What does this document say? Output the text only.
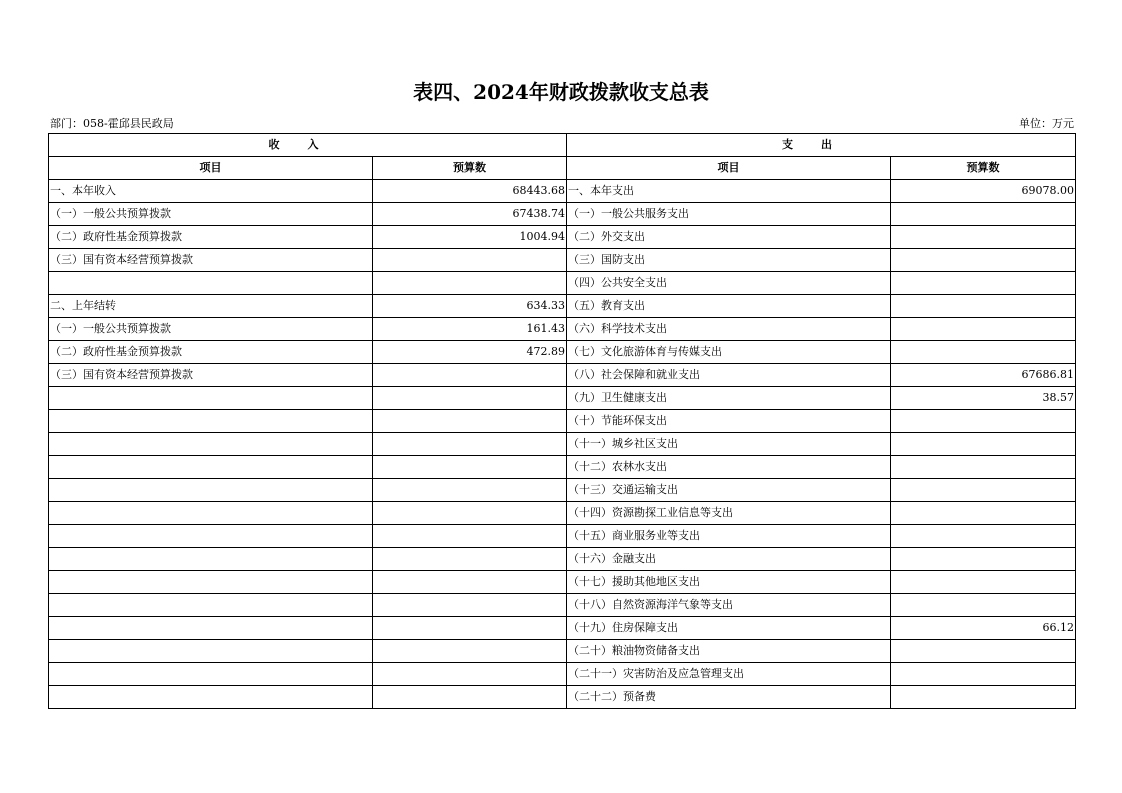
表四、2024年财政拨款收支总表
部门：058-霍邱县民政局	单位：万元
收入		支出	
项目	预算数	项目	预算数
一、本年收入	68443.68	一、本年支出	69078.00
（一）一般公共预算拨款	67438.74	（一）一般公共服务支出	
（二）政府性基金预算拨款	1004.94	（二）外交支出	
（三）国有资本经营预算拨款		（三）国防支出	
		（四）公共安全支出	
二、上年结转	634.33	（五）教育支出	
（一）一般公共预算拨款	161.43	（六）科学技术支出	
（二）政府性基金预算拨款	472.89	（七）文化旅游体育与传媒支出	
（三）国有资本经营预算拨款		（八）社会保障和就业支出	67686.81
		（九）卫生健康支出	38.57
		（十）节能环保支出	
		（十一）城乡社区支出	
		（十二）农林水支出	
		（十三）交通运输支出	
		（十四）资源勘探工业信息等支出	
		（十五）商业服务业等支出	
		（十六）金融支出	
		（十七）援助其他地区支出	
		（十八）自然资源海洋气象等支出	
		（十九）住房保障支出	66.12
		（二十）粮油物资储备支出	
		（二十一）灾害防治及应急管理支出	
		（二十二）预备费	
